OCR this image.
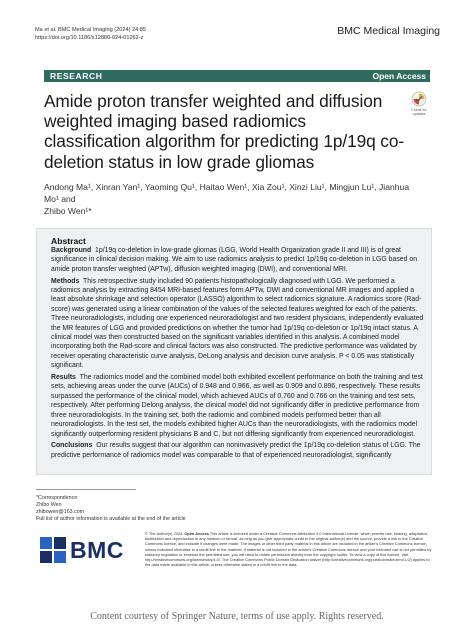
Ma et al. BMC Medical Imaging (2024) 24:85
https://doi.org/10.1186/s12880-024-01262-z
BMC Medical Imaging
RESEARCH	Open Access
Check for
updates
Amide proton transfer weighted and diffusion weighted imaging based radiomics classification algorithm for predicting 1p/19q co-deletion status in low grade gliomas
Andong Ma¹, Xinran Yan¹, Yaoming Qu¹, Haitao Wen¹, Xia Zou¹, Xinzi Liu¹, Mingjun Lu¹, Jianhua Mo¹ and
Zhibo Wen¹*
Abstract

Background 1p/19q co-deletion in low-grade gliomas (LGG, World Health Organization grade II and III) is of great significance in clinical decision making. We aim to use radiomics analysis to predict 1p/19q co-deletion in LGG based on amide proton transfer weighted (APTw), diffusion weighted imaging (DWI), and conventional MRI.

Methods This retrospective study included 90 patients histopathologically diagnosed with LGG. We performed a radiomics analysis by extracting 8454 MRI-based features form APTw, DWI and conventional MR images and applied a least absolute shrinkage and selection operator (LASSO) algorithm to select radiomics signature. A radiomics score (Rad-score) was generated using a linear combination of the values of the selected features weighted for each of the patients. Three neuroradiologists, including one experienced neuroradiologist and two resident physicians, independently evaluated the MR features of LGG and provided predictions on whether the tumor had 1p/19q co-deletion or 1p/19q intact status. A clinical model was then constructed based on the significant variables identified in this analysis. A combined model incorporating both the Rad-score and clinical factors was also constructed. The predictive performance was validated by receiver operating characteristic curve analysis, DeLong analysis and decision curve analysis. P < 0.05 was statistically significant.

Results The radiomics model and the combined model both exhibited excellent performance on both the training and test sets, achieving areas under the curve (AUCs) of 0.948 and 0.966, as well as 0.909 and 0.896, respectively. These results surpassed the performance of the clinical model, which achieved AUCs of 0.760 and 0.766 on the training and test sets, respectively. After performing Delong analysis, the clinical model did not significantly differ in predictive performance from three neuroradiologists. In the training set, both the radiomic and combined models performed better than all neuroradiologists. In the test set, the models exhibited higher AUCs than the neuroradiologists, with the radiomics model significantly outperforming resident physicians B and C, but not differing significantly from experienced neuroradiologist.

Conclusions Our results suggest that our algorithm can noninvasively predict the 1p/19q co-deletion status of LGG. The predictive performance of radiomics model was comparable to that of experienced neuroradiologist, significantly

*Correspondence:
Zhibo Wen
zhibowen@163.com
Full list of author information is available at the end of the article
BMC
© The Author(s) 2024. Open Access This article is licensed under a Creative Commons Attribution 4.0 International License, which permits use, sharing, adaptation, distribution and reproduction in any medium or format, as long as you give appropriate credit to the original author(s) and the source, provide a link to the Creative Commons licence, and indicate if changes were made. The images or other third party material in this article are included in the article's Creative Commons licence, unless indicated otherwise in a credit line to the material. If material is not included in the article's Creative Commons licence and your intended use is not permitted by statutory regulation or exceeds the permitted use, you will need to obtain permission directly from the copyright holder. To view a copy of this licence, visit http://creativecommons.org/licenses/by/4.0/. The Creative Commons Public Domain Dedication waiver (http://creativecommons.org/publicdomain/zero/1.0/) applies to the data made available in this article, unless otherwise stated in a credit line to the data.
Content courtesy of Springer Nature, terms of use apply. Rights reserved.
